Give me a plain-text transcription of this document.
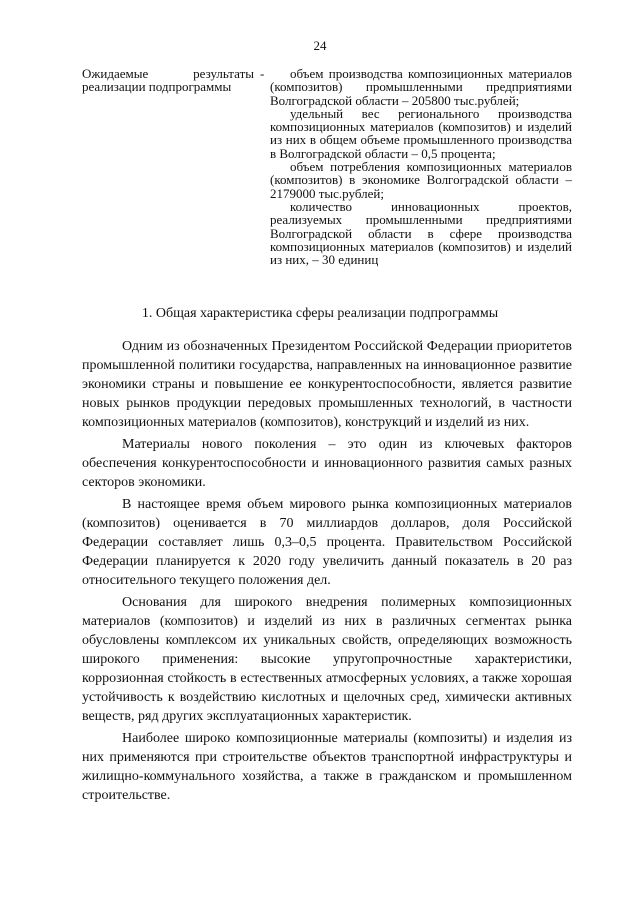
24
Ожидаемые результаты реализации подпрограммы
-	объем производства композиционных материалов (композитов) промышленными предприятиями Волгоградской области – 205800 тыс.рублей;
удельный вес регионального производства композиционных материалов (композитов) и изделий из них в общем объеме промышленного производства в Волгоградской области – 0,5 процента;
объем потребления композиционных материалов (композитов) в экономике Волгоградской области – 2179000 тыс.рублей;
количество инновационных проектов, реализуемых промышленными предприятиями Волгоградской области в сфере производства композиционных материалов (композитов) и изделий из них, – 30 единиц
1. Общая характеристика сферы реализации подпрограммы

Одним из обозначенных Президентом Российской Федерации приоритетов промышленной политики государства, направленных на инновационное развитие экономики страны и повышение ее конкурентоспособности, является развитие новых рынков продукции передовых промышленных технологий, в частности композиционных материалов (композитов), конструкций и изделий из них.

Материалы нового поколения – это один из ключевых факторов обеспечения конкурентоспособности и инновационного развития самых разных секторов экономики.

В настоящее время объем мирового рынка композиционных материалов (композитов) оценивается в 70 миллиардов долларов, доля Российской Федерации составляет лишь 0,3–0,5 процента. Правительством Российской Федерации планируется к 2020 году увеличить данный показатель в 20 раз относительного текущего положения дел.

Основания для широкого внедрения полимерных композиционных материалов (композитов) и изделий из них в различных сегментах рынка обусловлены комплексом их уникальных свойств, определяющих возможность широкого применения: высокие упругопрочностные характеристики, коррозионная стойкость в естественных атмосферных условиях, а также хорошая устойчивость к воздействию кислотных и щелочных сред, химически активных веществ, ряд других эксплуатационных характеристик.

Наиболее широко композиционные материалы (композиты) и изделия из них применяются при строительстве объектов транспортной инфраструктуры и жилищно-коммунального хозяйства, а также в гражданском и промышленном строительстве.
